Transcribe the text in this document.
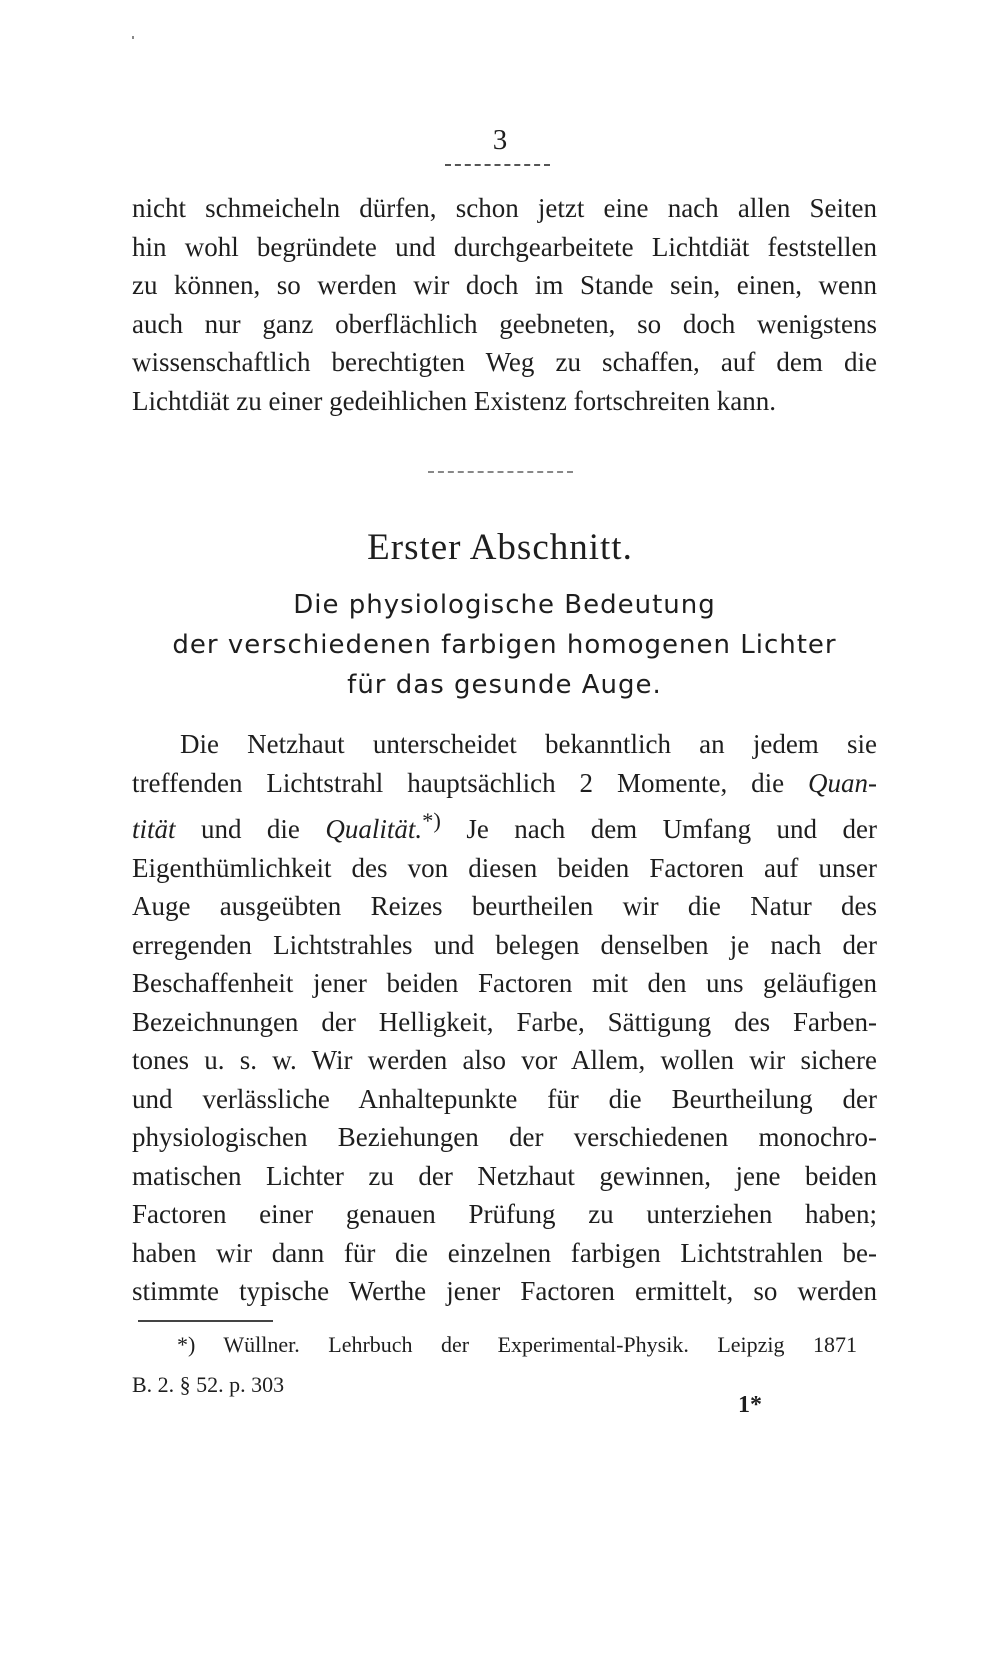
3
nicht schmeicheln dürfen, schon jetzt eine nach allen Seiten
hin wohl begründete und durchgearbeitete Lichtdiät feststellen
zu können, so werden wir doch im Stande sein, einen, wenn
auch nur ganz oberflächlich geebneten, so doch wenigstens
wissenschaftlich berechtigten Weg zu schaffen, auf dem die
Lichtdiät zu einer gedeihlichen Existenz fortschreiten kann.
Erster Abschnitt.
Die physiologische Bedeutung
der verschiedenen farbigen homogenen Lichter
für das gesunde Auge.
Die Netzhaut unterscheidet bekanntlich an jedem sie
treffenden Lichtstrahl hauptsächlich 2 Momente, die Quan-
tität und die Qualität.*) Je nach dem Umfang und der
Eigenthümlichkeit des von diesen beiden Factoren auf unser
Auge ausgeübten Reizes beurtheilen wir die Natur des
erregenden Lichtstrahles und belegen denselben je nach der
Beschaffenheit jener beiden Factoren mit den uns geläufigen
Bezeichnungen der Helligkeit, Farbe, Sättigung des Farben-
tones u. s. w. Wir werden also vor Allem, wollen wir sichere
und verlässliche Anhaltepunkte für die Beurtheilung der
physiologischen Beziehungen der verschiedenen monochro-
matischen Lichter zu der Netzhaut gewinnen, jene beiden
Factoren einer genauen Prüfung zu unterziehen haben;
haben wir dann für die einzelnen farbigen Lichtstrahlen be-
stimmte typische Werthe jener Factoren ermittelt, so werden
*) Wüllner. Lehrbuch der Experimental-Physik. Leipzig 1871
B. 2. § 52. p. 303
1*
